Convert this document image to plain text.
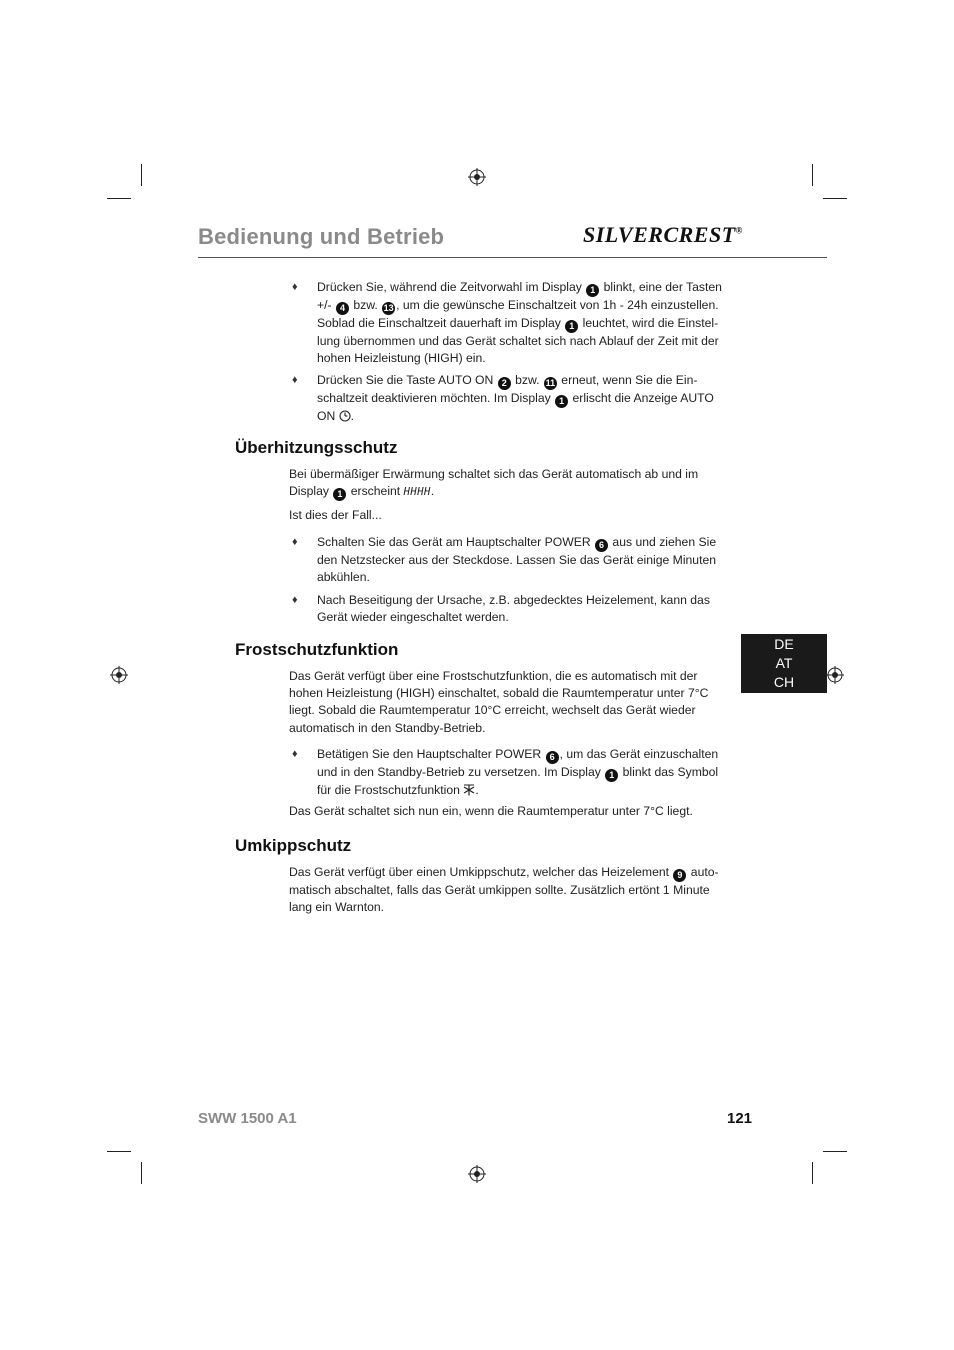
Bedienung und Betrieb	SILVERCREST®
♦ Drücken Sie, während die Zeitvorwahl im Display 1 blinkt, eine der Tasten +/- 4 bzw. 13 , um die gewünsche Einschaltzeit von 1h - 24h einzustellen. Soblad die Einschaltzeit dauerhaft im Display 1 leuchtet, wird die Einstel-lung übernommen und das Gerät schaltet sich nach Ablauf der Zeit mit der hohen Heizleistung (HIGH) ein.
♦ Drücken Sie die Taste AUTO ON 2 bzw. 11 erneut, wenn Sie die Ein-schaltzeit deaktivieren möchten. Im Display 1 erlischt die Anzeige AUTO ON .
Überhitzungsschutz
Bei übermäßiger Erwärmung schaltet sich das Gerät automatisch ab und im Display 1 erscheint HHHH.
Ist dies der Fall...
♦ Schalten Sie das Gerät am Hauptschalter POWER 6 aus und ziehen Sie den Netzstecker aus der Steckdose. Lassen Sie das Gerät einige Minuten abkühlen.
♦ Nach Beseitigung der Ursache, z.B. abgedecktes Heizelement, kann das Gerät wieder eingeschaltet werden.
Frostschutzfunktion
Das Gerät verfügt über eine Frostschutzfunktion, die es automatisch mit der hohen Heizleistung (HIGH) einschaltet, sobald die Raumtemperatur unter 7°C liegt. Sobald die Raumtemperatur 10°C erreicht, wechselt das Gerät wieder automatisch in den Standby-Betrieb.
♦ Betätigen Sie den Hauptschalter POWER 6 , um das Gerät einzuschalten und in den Standby-Betrieb zu versetzen. Im Display 1 blinkt das Symbol für die Frostschutzfunktion .
Das Gerät schaltet sich nun ein, wenn die Raumtemperatur unter 7°C liegt.
Umkippschutz
Das Gerät verfügt über einen Umkippschutz, welcher das Heizelement 9 auto-matisch abschaltet, falls das Gerät umkippen sollte. Zusätzlich ertönt 1 Minute lang ein Warnton.
DE
AT
CH
SWW 1500 A1	121
